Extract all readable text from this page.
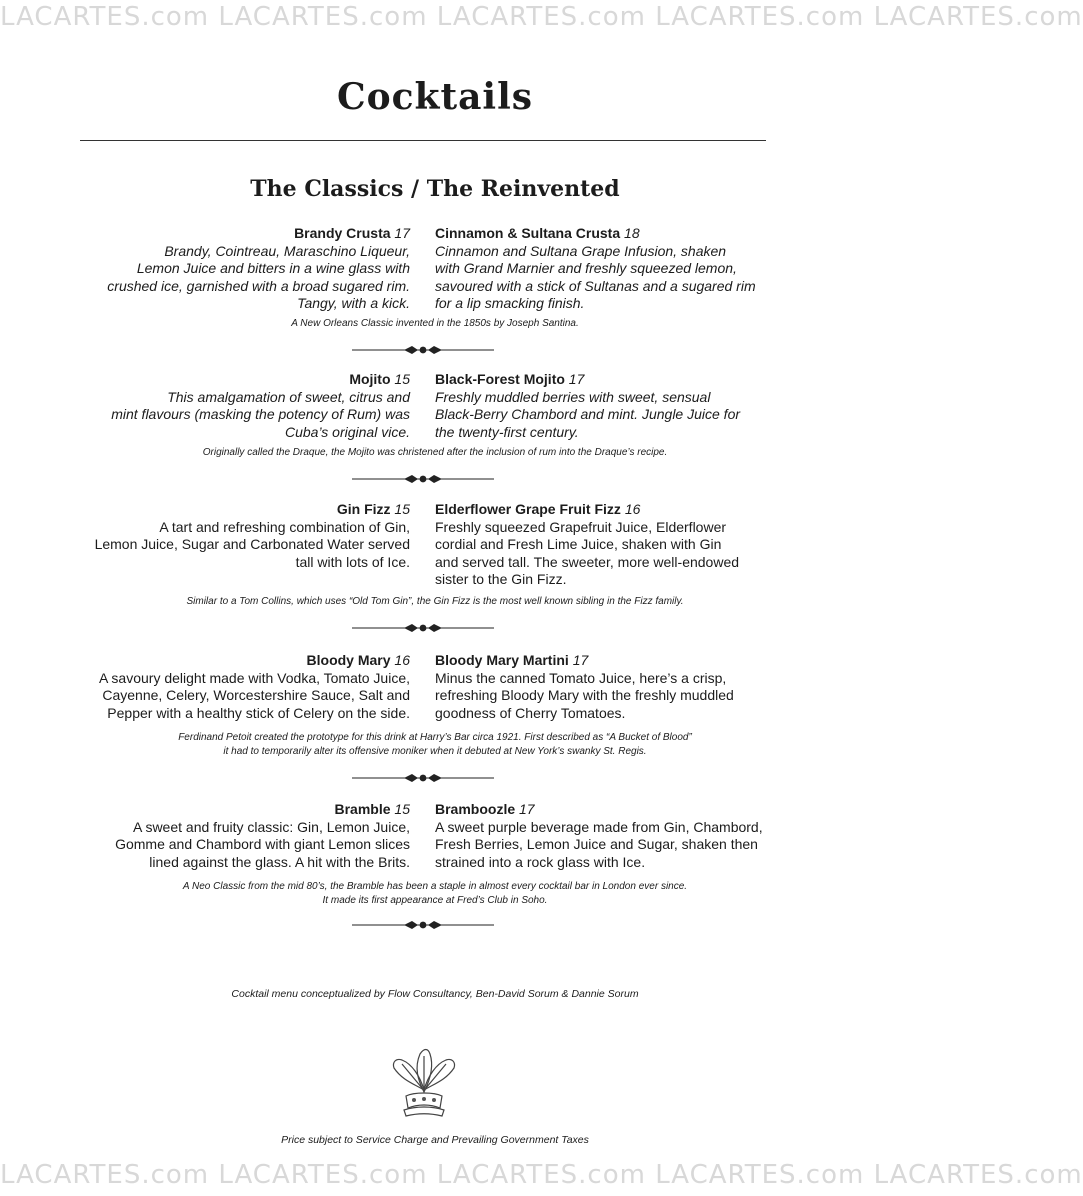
LACARTES.com LACARTES.com LACARTES.com LACARTES.com LACARTES.com
Cocktails
The Classics / The Reinvented
Brandy Crusta 17
Brandy, Cointreau, Maraschino Liqueur,
Lemon Juice and bitters in a wine glass with
crushed ice, garnished with a broad sugared rim.
Tangy, with a kick.
Cinnamon & Sultana Crusta 18
Cinnamon and Sultana Grape Infusion, shaken
with Grand Marnier and freshly squeezed lemon,
savoured with a stick of Sultanas and a sugared rim
for a lip smacking finish.
A New Orleans Classic invented in the 1850s by Joseph Santina.
Mojito 15
This amalgamation of sweet, citrus and
mint flavours (masking the potency of Rum) was
Cuba’s original vice.
Black-Forest Mojito 17
Freshly muddled berries with sweet, sensual
Black-Berry Chambord and mint. Jungle Juice for
the twenty-first century.
Originally called the Draque, the Mojito was christened after the inclusion of rum into the Draque’s recipe.
Gin Fizz 15
A tart and refreshing combination of Gin,
Lemon Juice, Sugar and Carbonated Water served
tall with lots of Ice.
Elderflower Grape Fruit Fizz 16
Freshly squeezed Grapefruit Juice, Elderflower
cordial and Fresh Lime Juice, shaken with Gin
and served tall. The sweeter, more well-endowed
sister to the Gin Fizz.
Similar to a Tom Collins, which uses “Old Tom Gin”, the Gin Fizz is the most well known sibling in the Fizz family.
Bloody Mary 16
A savoury delight made with Vodka, Tomato Juice,
Cayenne, Celery, Worcestershire Sauce, Salt and
Pepper with a healthy stick of Celery on the side.
Bloody Mary Martini 17
Minus the canned Tomato Juice, here’s a crisp,
refreshing Bloody Mary with the freshly muddled
goodness of Cherry Tomatoes.
Ferdinand Petoit created the prototype for this drink at Harry’s Bar circa 1921. First described as “A Bucket of Blood”
it had to temporarily alter its offensive moniker when it debuted at New York’s swanky St. Regis.
Bramble 15
A sweet and fruity classic: Gin, Lemon Juice,
Gomme and Chambord with giant Lemon slices
lined against the glass. A hit with the Brits.
Bramboozle 17
A sweet purple beverage made from Gin, Chambord,
Fresh Berries, Lemon Juice and Sugar, shaken then
strained into a rock glass with Ice.
A Neo Classic from the mid 80’s, the Bramble has been a staple in almost every cocktail bar in London ever since.
It made its first appearance at Fred’s Club in Soho.
Cocktail menu conceptualized by Flow Consultancy, Ben-David Sorum & Dannie Sorum
Price subject to Service Charge and Prevailing Government Taxes
LACARTES.com LACARTES.com LACARTES.com LACARTES.com LACARTES.com
